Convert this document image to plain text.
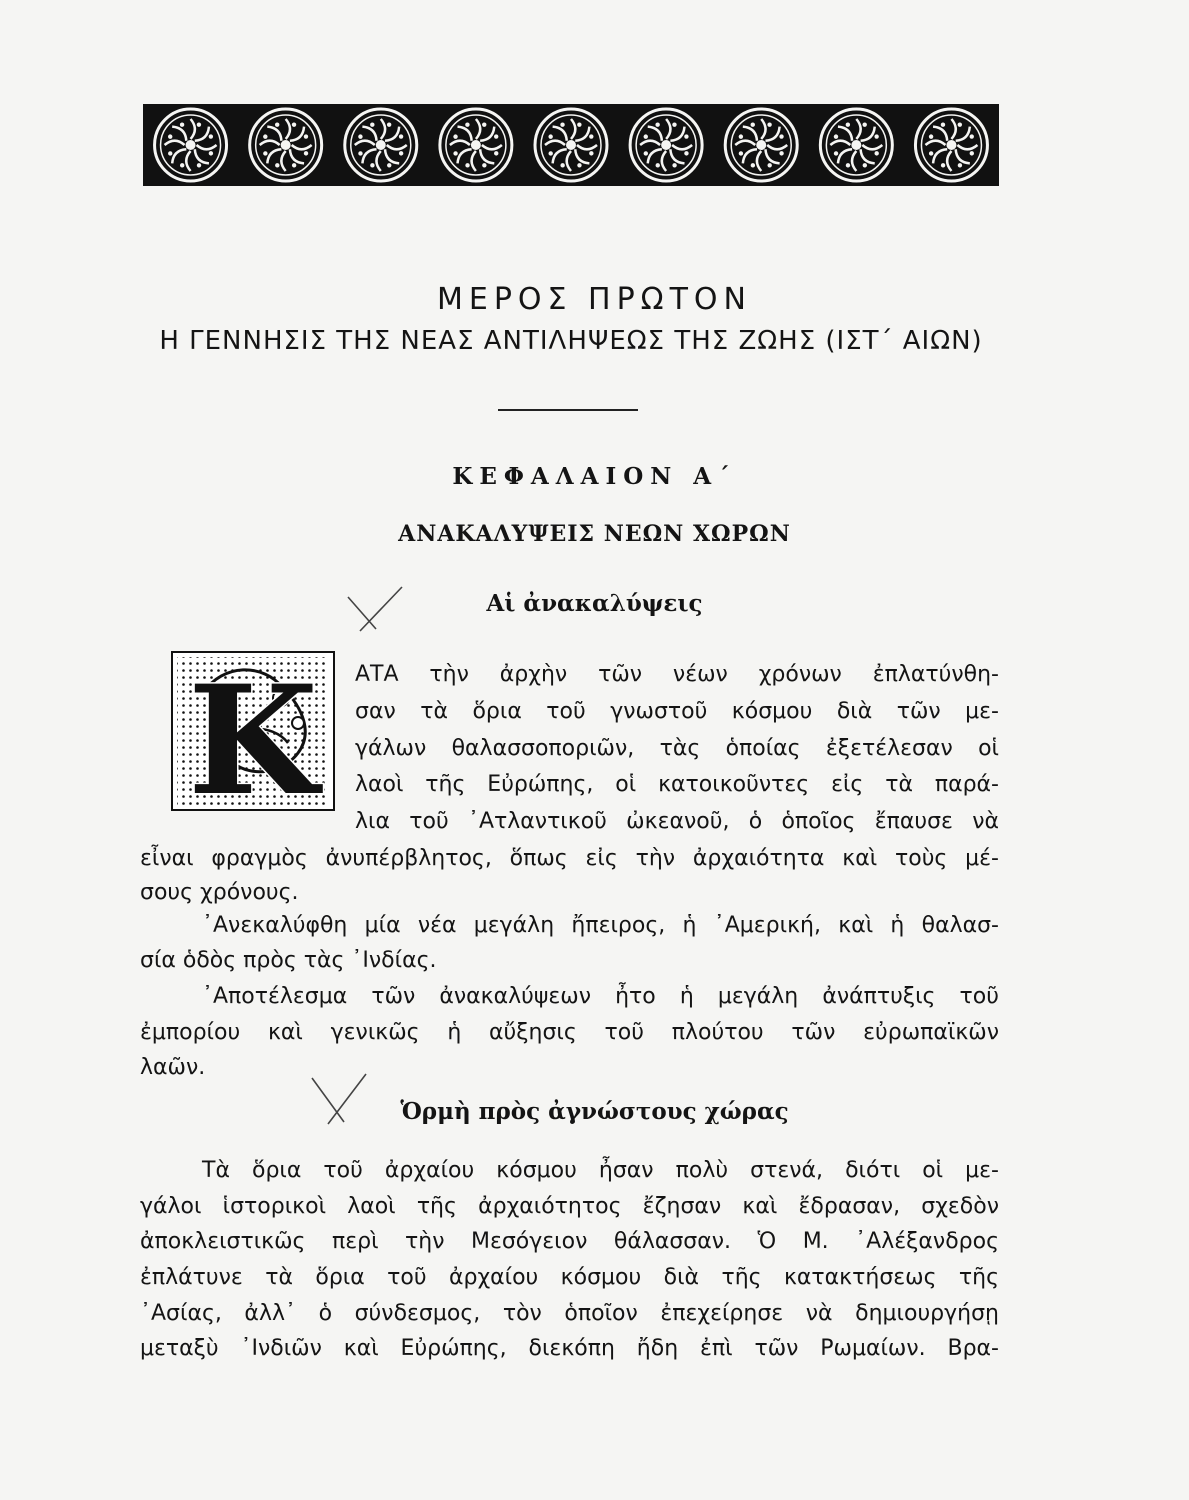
ΜΕΡΟΣ ΠΡΩΤΟΝ
Η ΓΕΝΝΗΣΙΣ ΤΗΣ ΝΕΑΣ ΑΝΤΙΛΗΨΕΩΣ ΤΗΣ ΖΩΗΣ (ΙΣΤ΄ ΑΙΩΝ)
ΚΕΦΑΛΑΙΟΝ Α΄
ΑΝΑΚΑΛΥΨΕΙΣ ΝΕΩΝ ΧΩΡΩΝ
Αἱ ἀνακαλύψεις
Κ ΑΤΑ τὴν ἀρχὴν τῶν νέων χρόνων ἐπλατύνθη-
σαν τὰ ὅρια τοῦ γνωστοῦ κόσμου διὰ τῶν με-
γάλων θαλασσοποριῶν, τὰς ὁποίας ἐξετέλεσαν οἱ
λαοὶ τῆς Εὐρώπης, οἱ κατοικοῦντες εἰς τὰ παρά-
λια τοῦ ᾿Ατλαντικοῦ ὠκεανοῦ, ὁ ὁποῖος ἔπαυσε νὰ
εἶναι φραγμὸς ἀνυπέρβλητος, ὅπως εἰς τὴν ἀρχαιότητα καὶ τοὺς μέ-
σους χρόνους.
᾿Ανεκαλύφθη μία νέα μεγάλη ἤπειρος, ἡ ᾿Αμερική, καὶ ἡ θαλασ-
σία ὁδὸς πρὸς τὰς ᾿Ινδίας.
᾿Αποτέλεσμα τῶν ἀνακαλύψεων ἦτο ἡ μεγάλη ἀνάπτυξις τοῦ
ἐμπορίου καὶ γενικῶς ἡ αὔξησις τοῦ πλούτου τῶν εὐρωπαϊκῶν
λαῶν.
Ὁρμὴ πρὸς ἀγνώστους χώρας
Τὰ ὅρια τοῦ ἀρχαίου κόσμου ἦσαν πολὺ στενά, διότι οἱ με-
γάλοι ἱστορικοὶ λαοὶ τῆς ἀρχαιότητος ἔζησαν καὶ ἔδρασαν, σχεδὸν
ἀποκλειστικῶς περὶ τὴν Μεσόγειον θάλασσαν. Ὁ Μ. ᾿Αλέξανδρος
ἐπλάτυνε τὰ ὅρια τοῦ ἀρχαίου κόσμου διὰ τῆς κατακτήσεως τῆς
᾿Ασίας, ἀλλ᾿ ὁ σύνδεσμος, τὸν ὁποῖον ἐπεχείρησε νὰ δημιουργήσῃ
μεταξὺ ᾿Ινδιῶν καὶ Εὐρώπης, διεκόπη ἤδη ἐπὶ τῶν Ρωμαίων. Βρα-
